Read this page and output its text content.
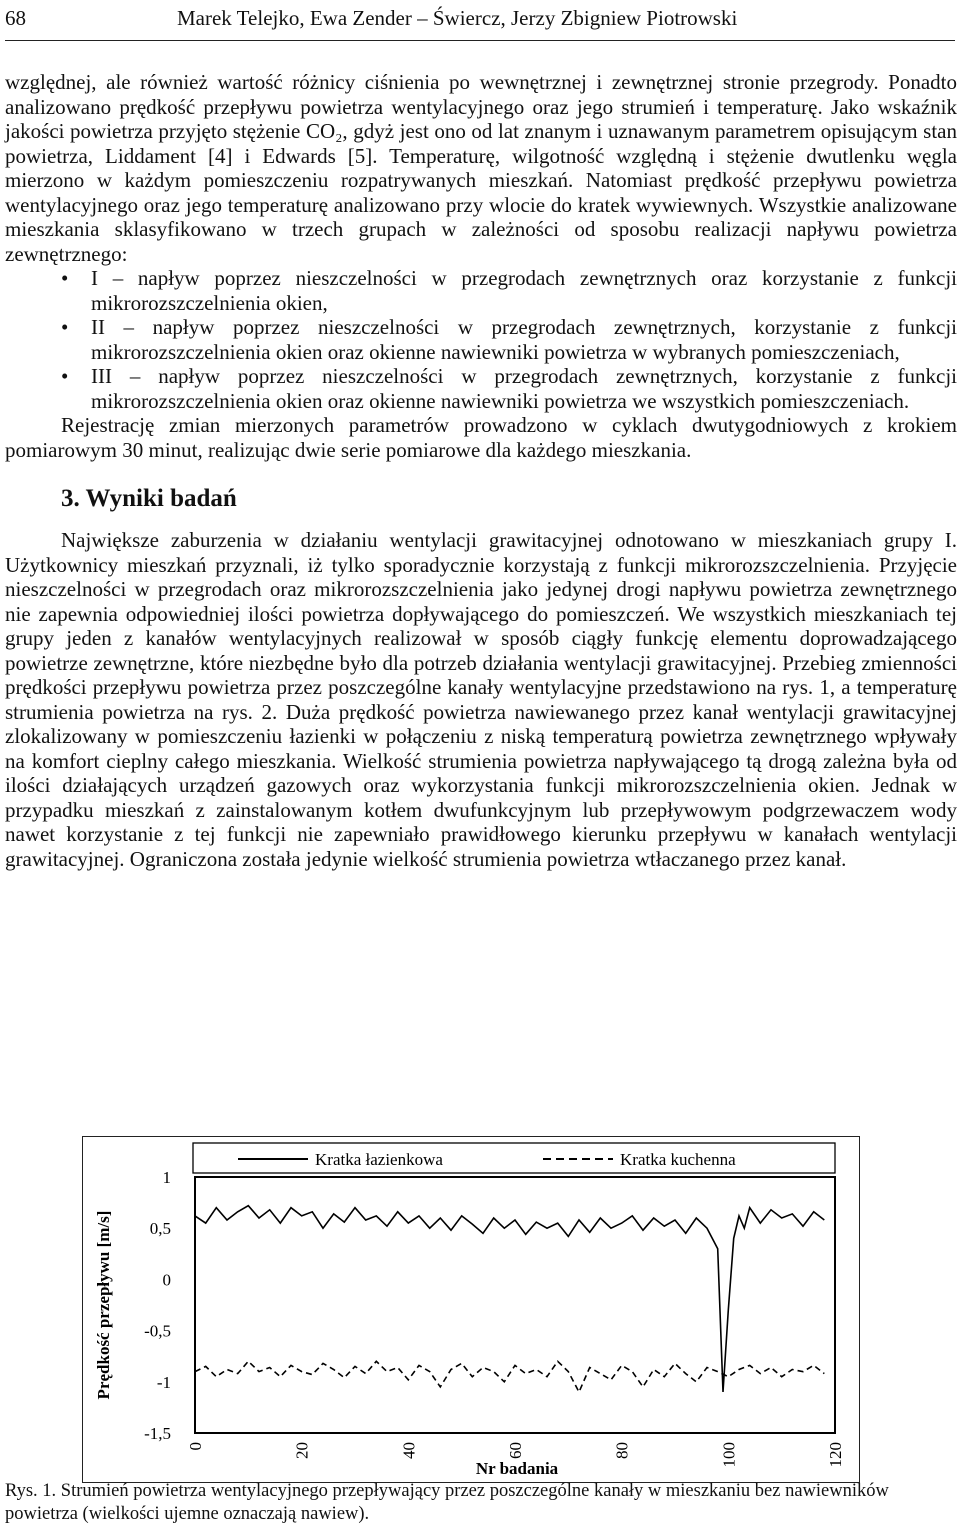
68	Marek Telejko, Ewa Zender – Świercz, Jerzy Zbigniew Piotrowski

względnej, ale również wartość różnicy ciśnienia po wewnętrznej i zewnętrznej stronie przegrody. Ponadto analizowano prędkość przepływu powietrza wentylacyjnego oraz jego strumień i temperaturę. Jako wskaźnik jakości powietrza przyjęto stężenie CO₂, gdyż jest ono od lat znanym i uznawanym parametrem opisującym stan powietrza, Liddament [4] i Edwards [5]. Temperaturę, wilgotność względną i stężenie dwutlenku węgla mierzono w każdym pomieszczeniu rozpatrywanych mieszkań. Natomiast prędkość przepływu powietrza wentylacyjnego oraz jego temperaturę analizowano przy wlocie do kratek wywiewnych. Wszystkie analizowane mieszkania sklasyfikowano w trzech grupach w zależności od sposobu realizacji napływu powietrza zewnętrznego:

• I – napływ poprzez nieszczelności w przegrodach zewnętrznych oraz korzystanie z funkcji mikrorozszczelnienia okien,
• II – napływ poprzez nieszczelności w przegrodach zewnętrznych, korzystanie z funkcji mikrorozszczelnienia okien oraz okienne nawiewniki powietrza w wybranych pomieszczeniach,
• III – napływ poprzez nieszczelności w przegrodach zewnętrznych, korzystanie z funkcji mikrorozszczelnienia okien oraz okienne nawiewniki powietrza we wszystkich pomieszczeniach.

Rejestrację zmian mierzonych parametrów prowadzono w cyklach dwutygodniowych z krokiem pomiarowym 30 minut, realizując dwie serie pomiarowe dla każdego mieszkania.

3. Wyniki badań

Największe zaburzenia w działaniu wentylacji grawitacyjnej odnotowano w mieszkaniach grupy I. Użytkownicy mieszkań przyznali, iż tylko sporadycznie korzystają z funkcji mikrorozszczelnienia. Przyjęcie nieszczelności w przegrodach oraz mikrorozszczelnienia jako jedynej drogi napływu powietrza zewnętrznego nie zapewnia odpowiedniej ilości powietrza dopływającego do pomieszczeń. We wszystkich mieszkaniach tej grupy jeden z kanałów wentylacyjnych realizował w sposób ciągły funkcję elementu doprowadzającego powietrze zewnętrzne, które niezbędne było dla potrzeb działania wentylacji grawitacyjnej. Przebieg zmienności prędkości przepływu powietrza przez poszczególne kanały wentylacyjne przedstawiono na rys. 1, a temperaturę strumienia powietrza na rys. 2. Duża prędkość powietrza nawiewanego przez kanał wentylacji grawitacyjnej zlokalizowany w pomieszczeniu łazienki w połączeniu z niską temperaturą powietrza zewnętrznego wpływały na komfort cieplny całego mieszkania. Wielkość strumienia powietrza napływającego tą drogą zależna była od ilości działających urządzeń gazowych oraz wykorzystania funkcji mikrorozszczelnienia okien. Jednak w przypadku mieszkań z zainstalowanym kotłem dwufunkcyjnym lub przepływowym podgrzewaczem wody nawet korzystanie z tej funkcji nie zapewniało prawidłowego kierunku przepływu w kanałach wentylacji grawitacyjnej. Ograniczona została jedynie wielkość strumienia powietrza wtłaczanego przez kanał.

Kratka łazienkowa	Kratka kuchenna
1
0,5
0
-0,5
-1
-1,5
0	20	40	60	80	100	120
Prędkość przepływu [m/s]
Nr badania
Rys. 1. Strumień powietrza wentylacyjnego przepływający przez poszczególne kanały w mieszkaniu bez nawiewników powietrza (wielkości ujemne oznaczają nawiew).
